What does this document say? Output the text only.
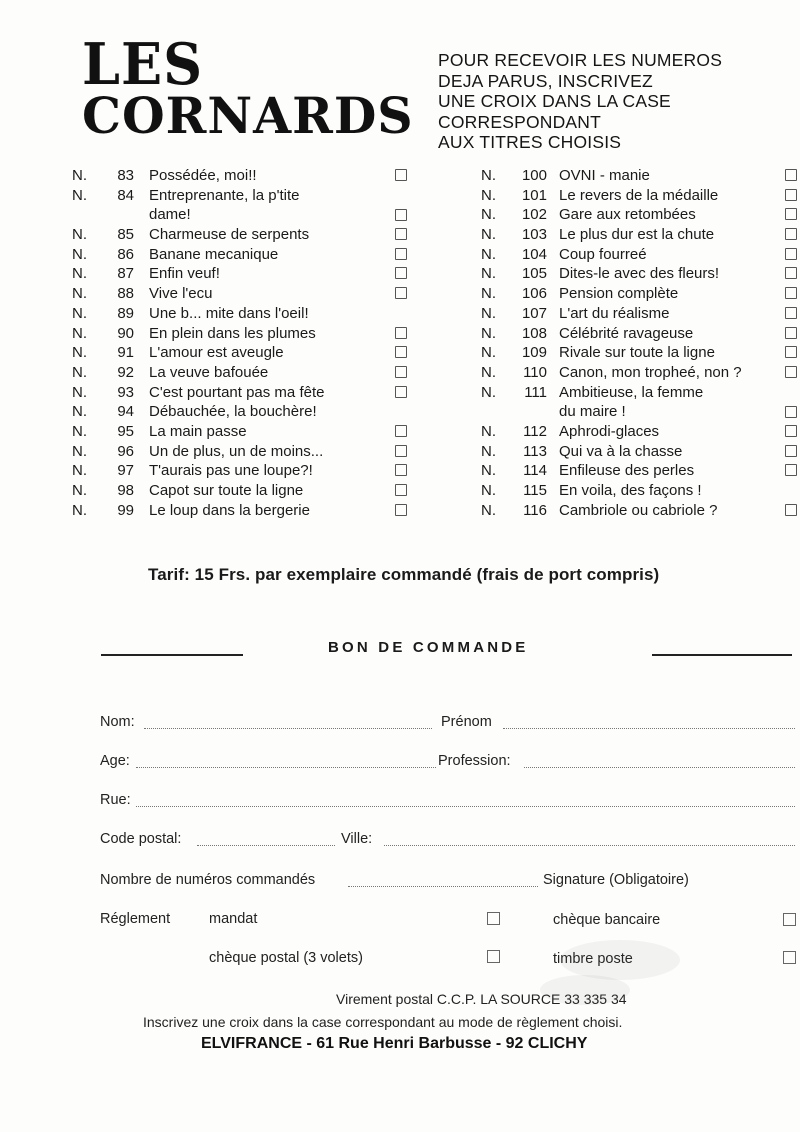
LES
CORNARDS
POUR RECEVOIR LES NUMEROS
DEJA PARUS, INSCRIVEZ
UNE CROIX DANS LA CASE
CORRESPONDANT
AUX TITRES CHOISIS
N.	83 Possédée, moi!!
N.	84 Entreprenante, la p'tite
dame!
N.	85 Charmeuse de serpents
N.	86 Banane mecanique
N.	87 Enfin veuf!
N.	88 Vive l'ecu
N.	89 Une b... mite dans l'oeil!
N.	90 En plein dans les plumes
N.	91 L'amour est aveugle
N.	92 La veuve bafouée
N.	93 C'est pourtant pas ma fête
N.	94 Débauchée, la bouchère!
N.	95 La main passe
N.	96 Un de plus, un de moins...
N.	97 T'aurais pas une loupe?!
N.	98 Capot sur toute la ligne
N.	99 Le loup dans la bergerie
N.	100 OVNI - manie
N.	101 Le revers de la médaille
N.	102 Gare aux retombées
N.	103 Le plus dur est la chute
N.	104 Coup fourreé
N.	105 Dites-le avec des fleurs!
N.	106 Pension complète
N.	107 L'art du réalisme
N.	108 Célébrité ravageuse
N.	109 Rivale sur toute la ligne
N.	110 Canon, mon tropheé, non ?
N.	111 Ambitieuse, la femme
du maire !
N.	112 Aphrodi-glaces
N.	113 Qui va à la chasse
N.	114 Enfileuse des perles
N.	115 En voila, des façons !
N.	116 Cambriole ou cabriole ?
Tarif: 15 Frs. par exemplaire commandé (frais de port compris)
BON DE COMMANDE
Nom:	Prénom
Age:	Profession:
Rue:
Code postal:	Ville:
Nombre de numéros commandés	Signature (Obligatoire)
Réglement	mandat	chèque bancaire
chèque postal (3 volets)	timbre poste
Virement postal C.C.P. LA SOURCE 33 335 34
Inscrivez une croix dans la case correspondant au mode de règlement choisi.
ELVIFRANCE - 61 Rue Henri Barbusse - 92 CLICHY
